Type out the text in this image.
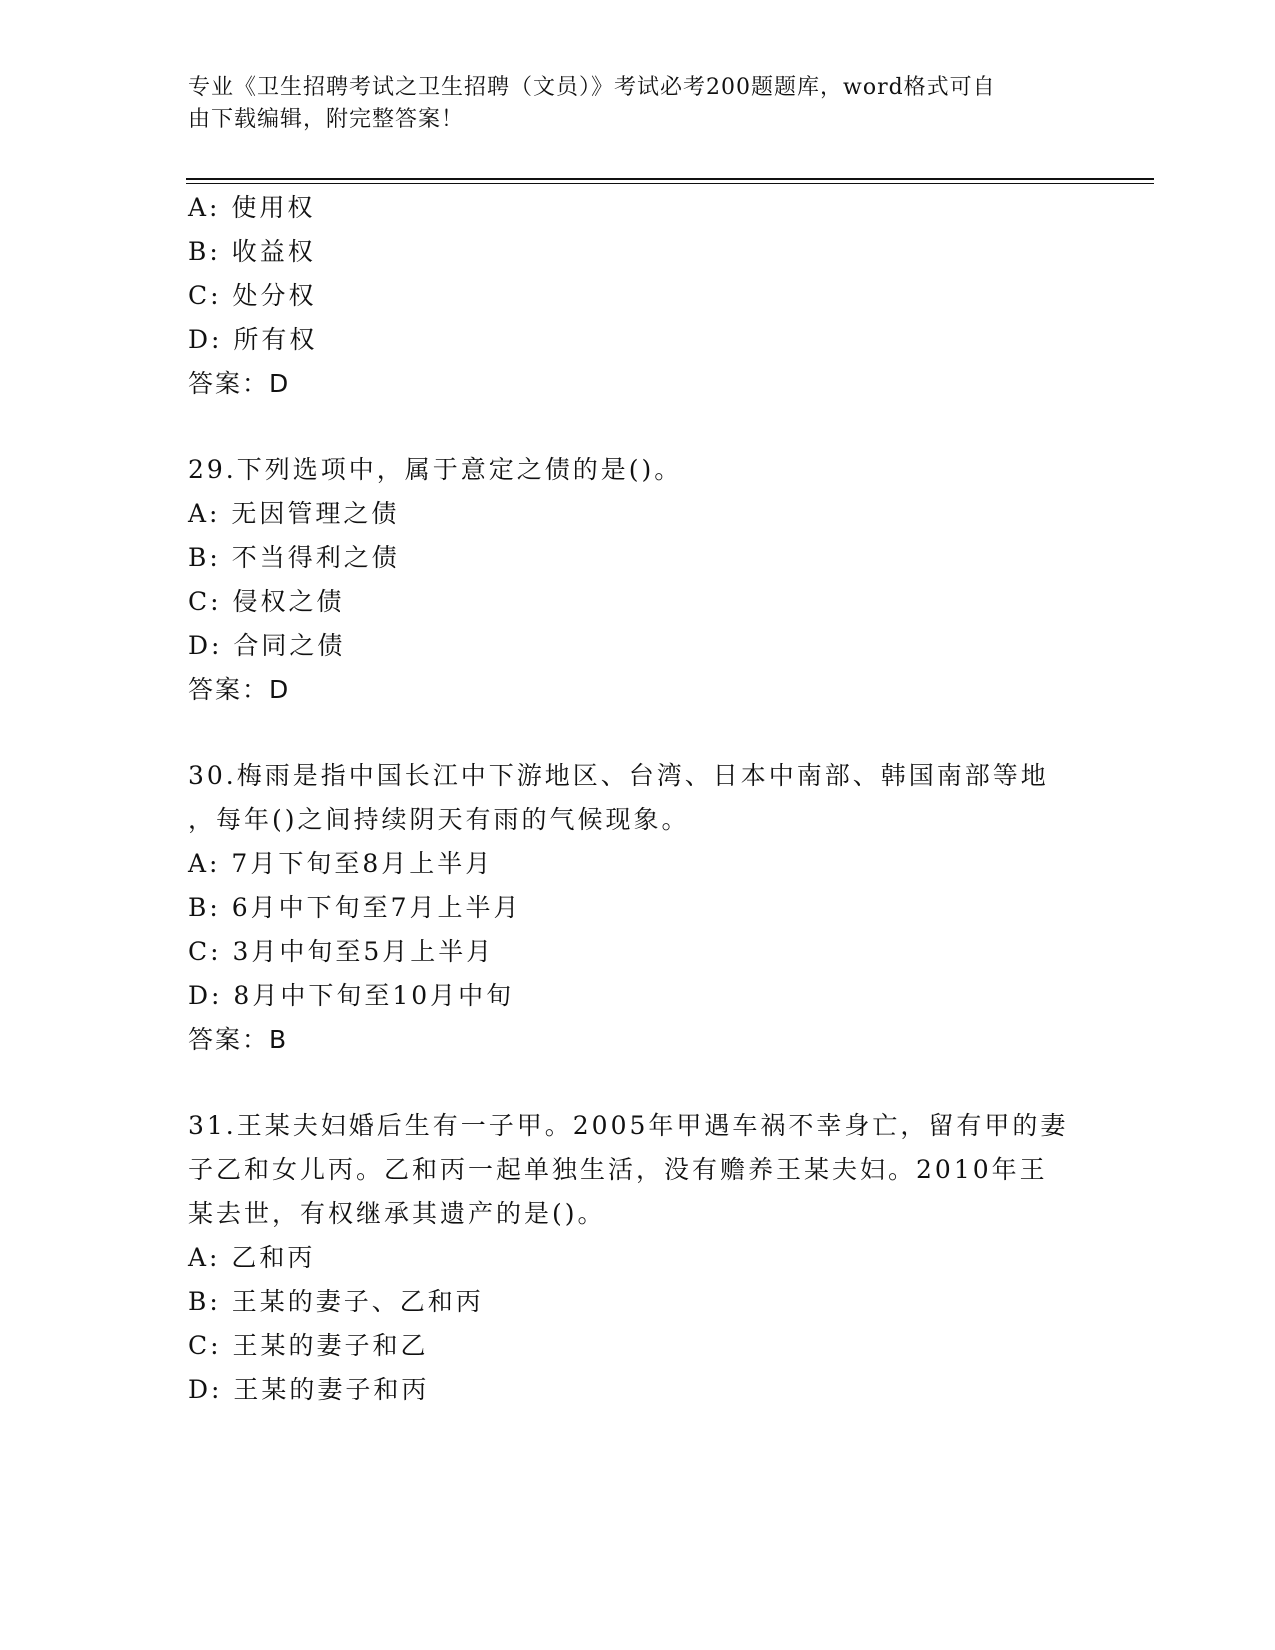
专业《卫生招聘考试之卫生招聘（文员）》考试必考200题题库，word格式可自
由下载编辑，附完整答案！
A: 使用权
B: 收益权
C: 处分权
D: 所有权
答案：D
29.下列选项中，属于意定之债的是()。
A: 无因管理之债
B: 不当得利之债
C: 侵权之债
D: 合同之债
答案：D
30.梅雨是指中国长江中下游地区、台湾、日本中南部、韩国南部等地
，每年()之间持续阴天有雨的气候现象。
A: 7月下旬至8月上半月
B: 6月中下旬至7月上半月
C: 3月中旬至5月上半月
D: 8月中下旬至10月中旬
答案：B
31.王某夫妇婚后生有一子甲。2005年甲遇车祸不幸身亡，留有甲的妻
子乙和女儿丙。乙和丙一起单独生活，没有赡养王某夫妇。2010年王
某去世，有权继承其遗产的是()。
A: 乙和丙
B: 王某的妻子、乙和丙
C: 王某的妻子和乙
D: 王某的妻子和丙
